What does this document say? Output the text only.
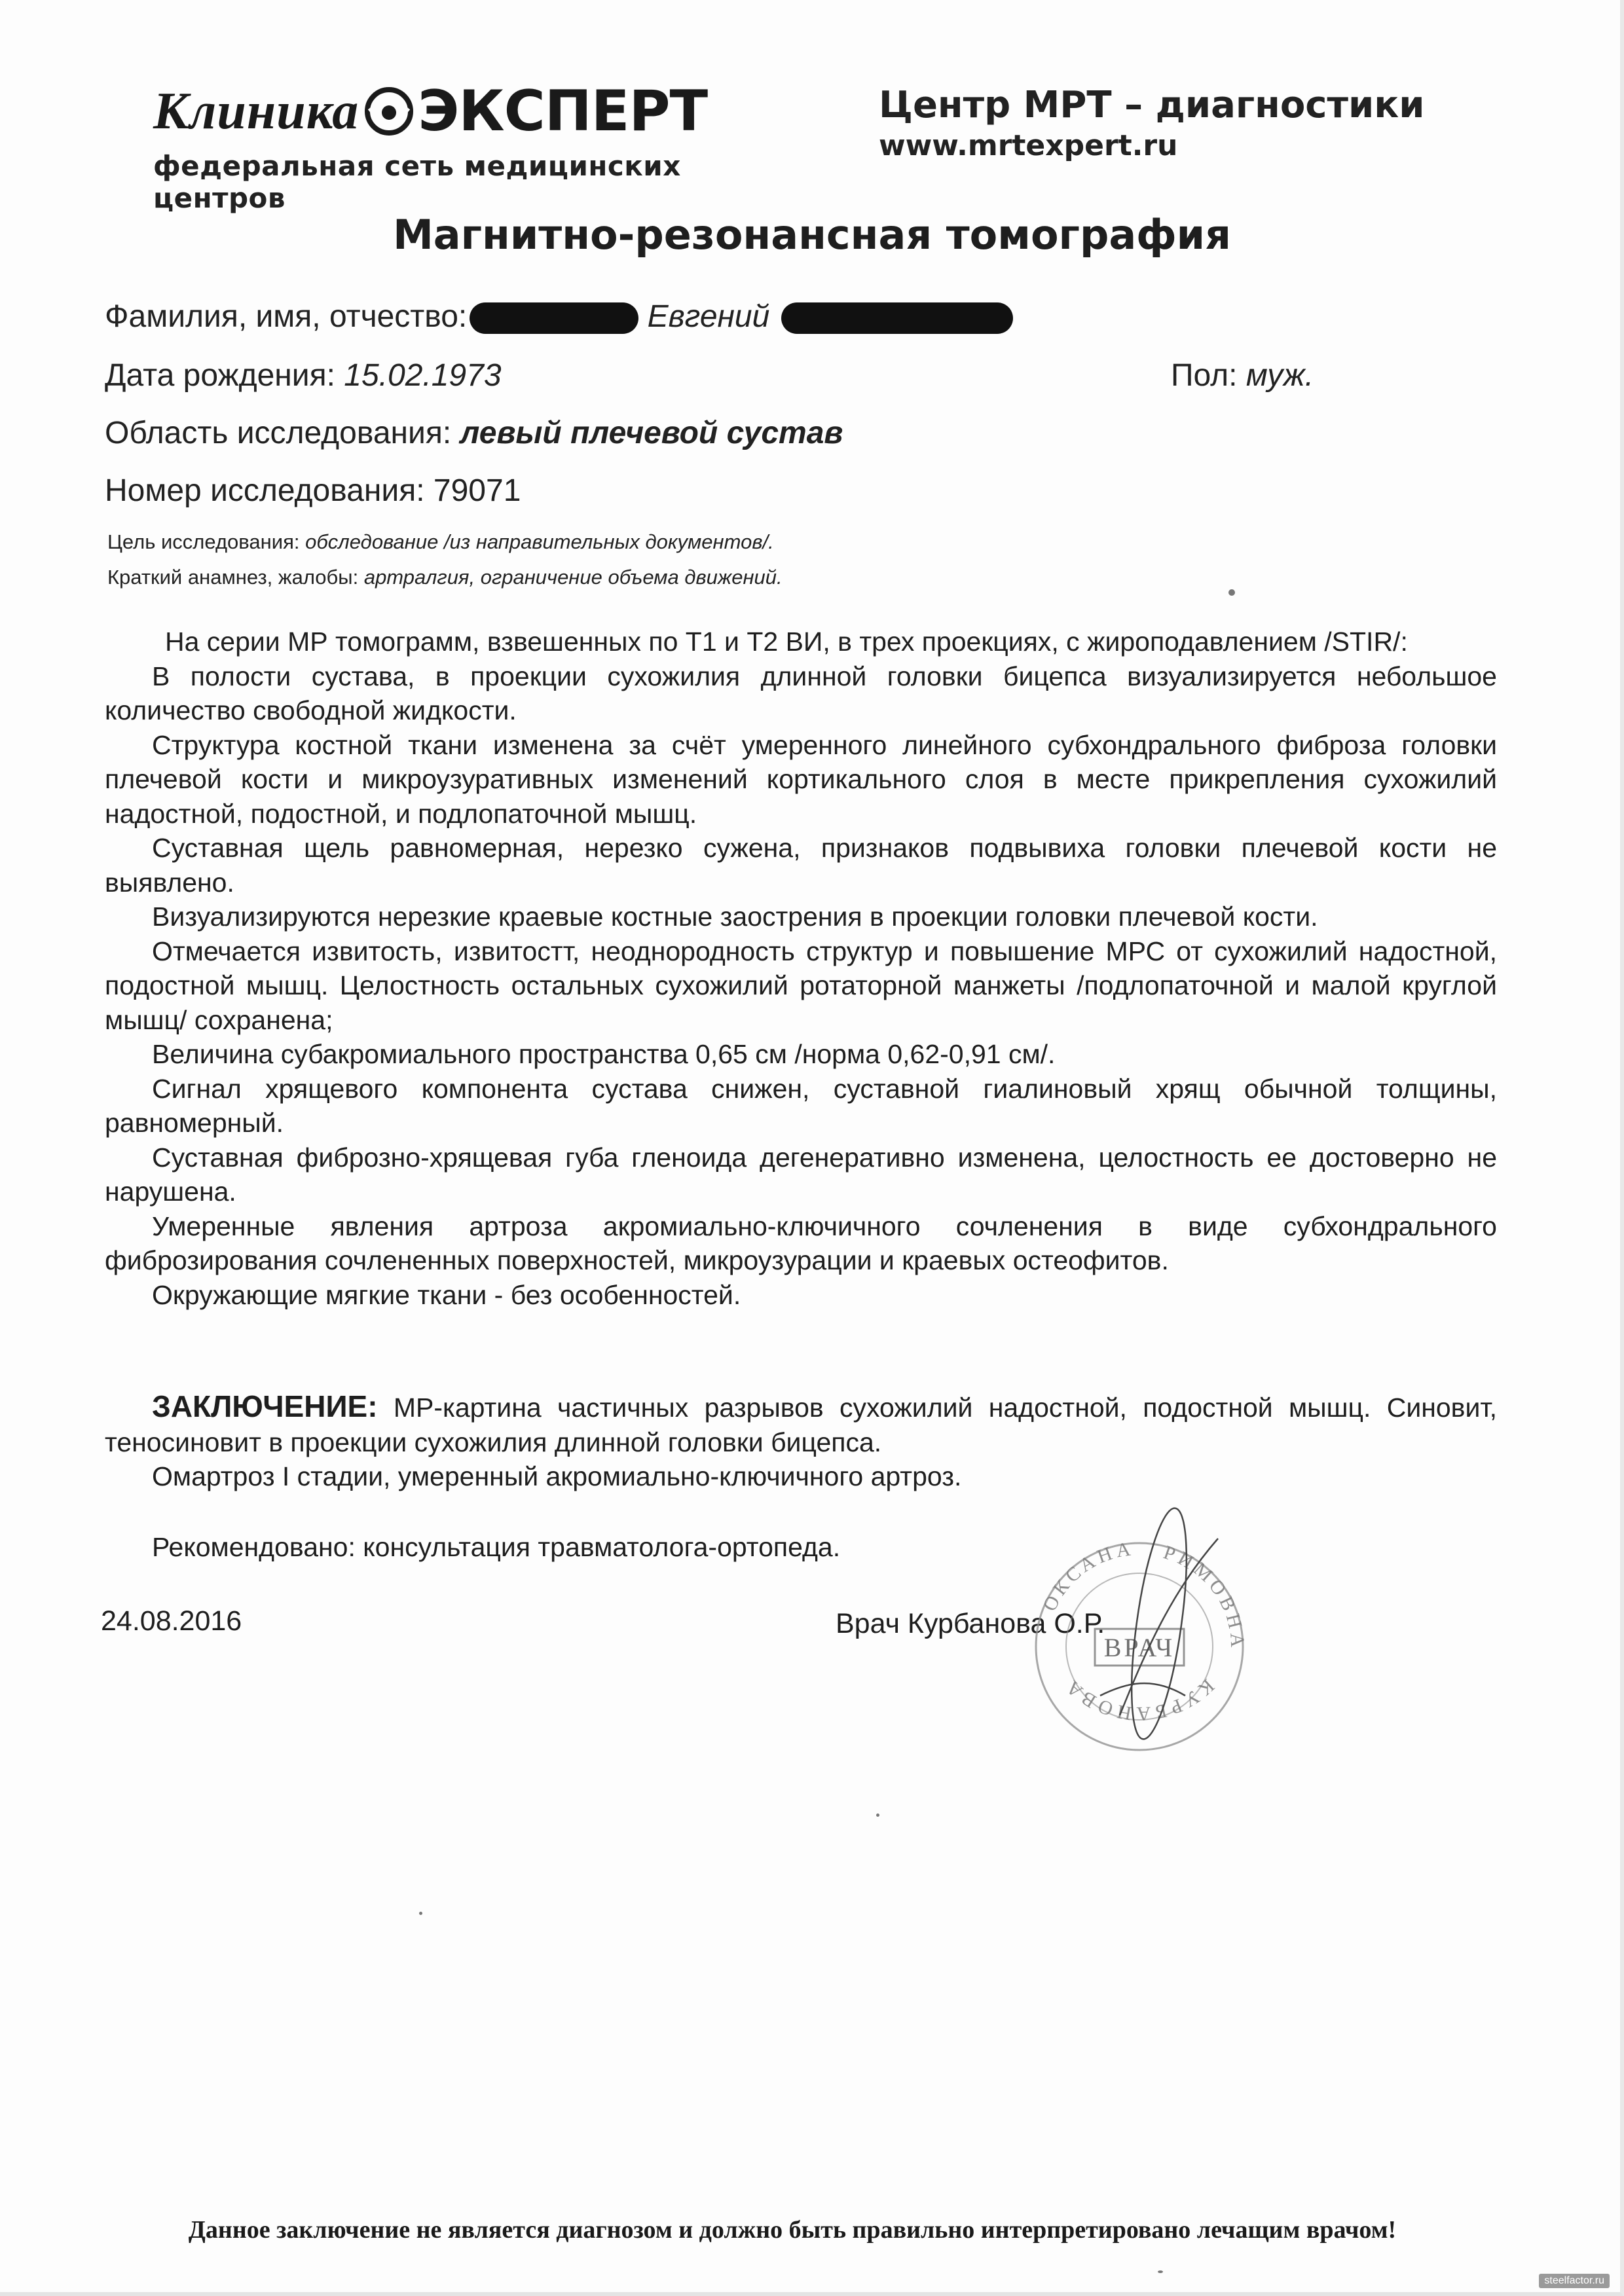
Клиника ЭКСПЕРТ
федеральная сеть медицинских центров
Центр МРТ – диагностики
www.mrtexpert.ru
Магнитно-резонансная томография
Фамилия, имя, отчество:	Евгений
Дата рождения: 15.02.1973	Пол: муж.
Область исследования: левый плечевой сустав
Номер исследования: 79071
Цель исследования: обследование /из направительных документов/.
Краткий анамнез, жалобы: артралгия, ограничение объема движений.

На серии МР томограмм, взвешенных по Т1 и Т2 ВИ, в трех проекциях, с жироподавлением /STIR/:

В полости сустава, в проекции сухожилия длинной головки бицепса визуализируется небольшое количество свободной жидкости.

Структура костной ткани изменена за счёт умеренного линейного субхондрального фиброза головки плечевой кости и микроузуративных изменений кортикального слоя в месте прикрепления сухожилий надостной, подостной, и подлопаточной мышц.

Суставная щель равномерная, нерезко сужена, признаков подвывиха головки плечевой кости не выявлено.

Визуализируются нерезкие краевые костные заострения в проекции головки плечевой кости.

Отмечается извитость, извитостт, неоднородность структур и повышение МРС от сухожилий надостной, подостной мышц. Целостность остальных сухожилий ротаторной манжеты /подлопаточной и малой круглой мышц/ сохранена;

Величина субакромиального пространства 0,65 см /норма 0,62-0,91 см/.

Сигнал хрящевого компонента сустава снижен, суставной гиалиновый хрящ обычной толщины, равномерный.

Суставная фиброзно-хрящевая губа гленоида дегенеративно изменена, целостность ее достоверно не нарушена.

Умеренные явления артроза акромиально-ключичного сочленения в виде субхондрального фиброзирования сочлененных поверхностей, микроузурации и краевых остеофитов.

Окружающие мягкие ткани - без особенностей.

ЗАКЛЮЧЕНИЕ: МР-картина частичных разрывов сухожилий надостной, подостной мышц. Синовит, теносиновит в проекции сухожилия длинной головки бицепса.

Омартроз I стадии, умеренный акромиально-ключичного артроз.

Рекомендовано: консультация травматолога-ортопеда.
24.08.2016	Врач Курбанова О.Р.
ОКСАНА РИМОВНА
КУРБАНОВА
ВРАЧ
Данное заключение не является диагнозом и должно быть правильно интерпретировано лечащим врачом!
steelfactor.ru
